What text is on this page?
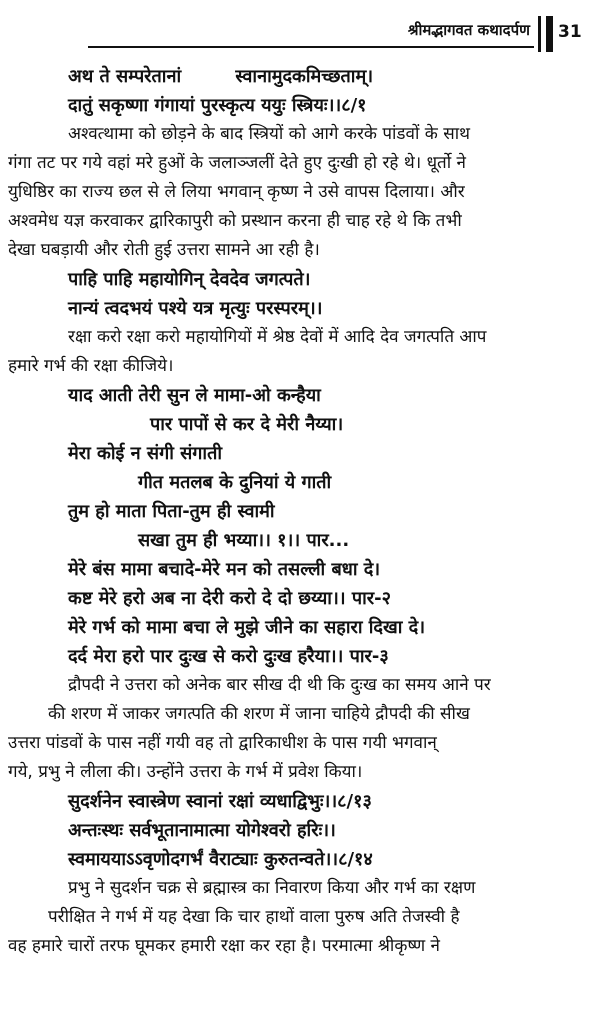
श्रीमद्भागवत कथादर्पण 31
अथ ते सम्परेतानां	स्वानामुदकमिच्छताम्।
दातुं सकृष्णा गंगायां पुरस्कृत्य ययुः स्त्रियः।।८/१
अश्वत्थामा को छोड़ने के बाद स्त्रियों को आगे करके पांडवों के साथ
गंगा तट पर गये वहां मरे हुओं के जलाञ्जलीं देते हुए दुःखी हो रहे थे। धूर्तो ने
युधिष्ठिर का राज्य छल से ले लिया भगवान् कृष्ण ने उसे वापस दिलाया। और
अश्वमेध यज्ञ करवाकर द्वारिकापुरी को प्रस्थान करना ही चाह रहे थे कि तभी
देखा घबड़ायी और रोती हुई उत्तरा सामने आ रही है।
पाहि पाहि महायोगिन् देवदेव जगत्पते।
नान्यं त्वदभयं पश्ये यत्र मृत्युः परस्परम्।।
रक्षा करो रक्षा करो महायोगियों में श्रेष्ठ देवों में आदि देव जगत्पति आप
हमारे गर्भ की रक्षा कीजिये।
याद आती तेरी सुन ले मामा-ओ कन्हैया
पार पापों से कर दे मेरी नैय्या।
मेरा कोई न संगी संगाती
गीत मतलब के दुनियां ये गाती
तुम हो माता पिता-तुम ही स्वामी
सखा तुम ही भय्या।। १।। पार...
मेरे बंस मामा बचादे-मेरे मन को तसल्ली बधा दे।
कष्ट मेरे हरो अब ना देरी करो दे दो छय्या।। पार-२
मेरे गर्भ को मामा बचा ले मुझे जीने का सहारा दिखा दे।
दर्द मेरा हरो पार दुःख से करो दुःख हरैया।। पार-३
द्रौपदी ने उत्तरा को अनेक बार सीख दी थी कि दुःख का समय आने पर
की शरण में जाकर जगत्पति की शरण में जाना चाहिये द्रौपदी की सीख
उत्तरा पांडवों के पास नहीं गयी वह तो द्वारिकाधीश के पास गयी भगवान्
गये, प्रभु ने लीला की। उन्होंने उत्तरा के गर्भ में प्रवेश किया।
सुदर्शनेन स्वास्त्रेण स्वानां रक्षां व्यधाद्विभुः।।८/१३
अन्तःस्थः सर्वभूतानामात्मा योगेश्वरो हरिः।।
स्वमाययाऽऽवृणोदगर्भं वैराट्याः कुरुतन्वते।।८/१४
प्रभु ने सुदर्शन चक्र से ब्रह्मास्त्र का निवारण किया और गर्भ का रक्षण
परीक्षित ने गर्भ में यह देखा कि चार हाथों वाला पुरुष अति तेजस्वी है
वह हमारे चारों तरफ घूमकर हमारी रक्षा कर रहा है। परमात्मा श्रीकृष्ण ने
